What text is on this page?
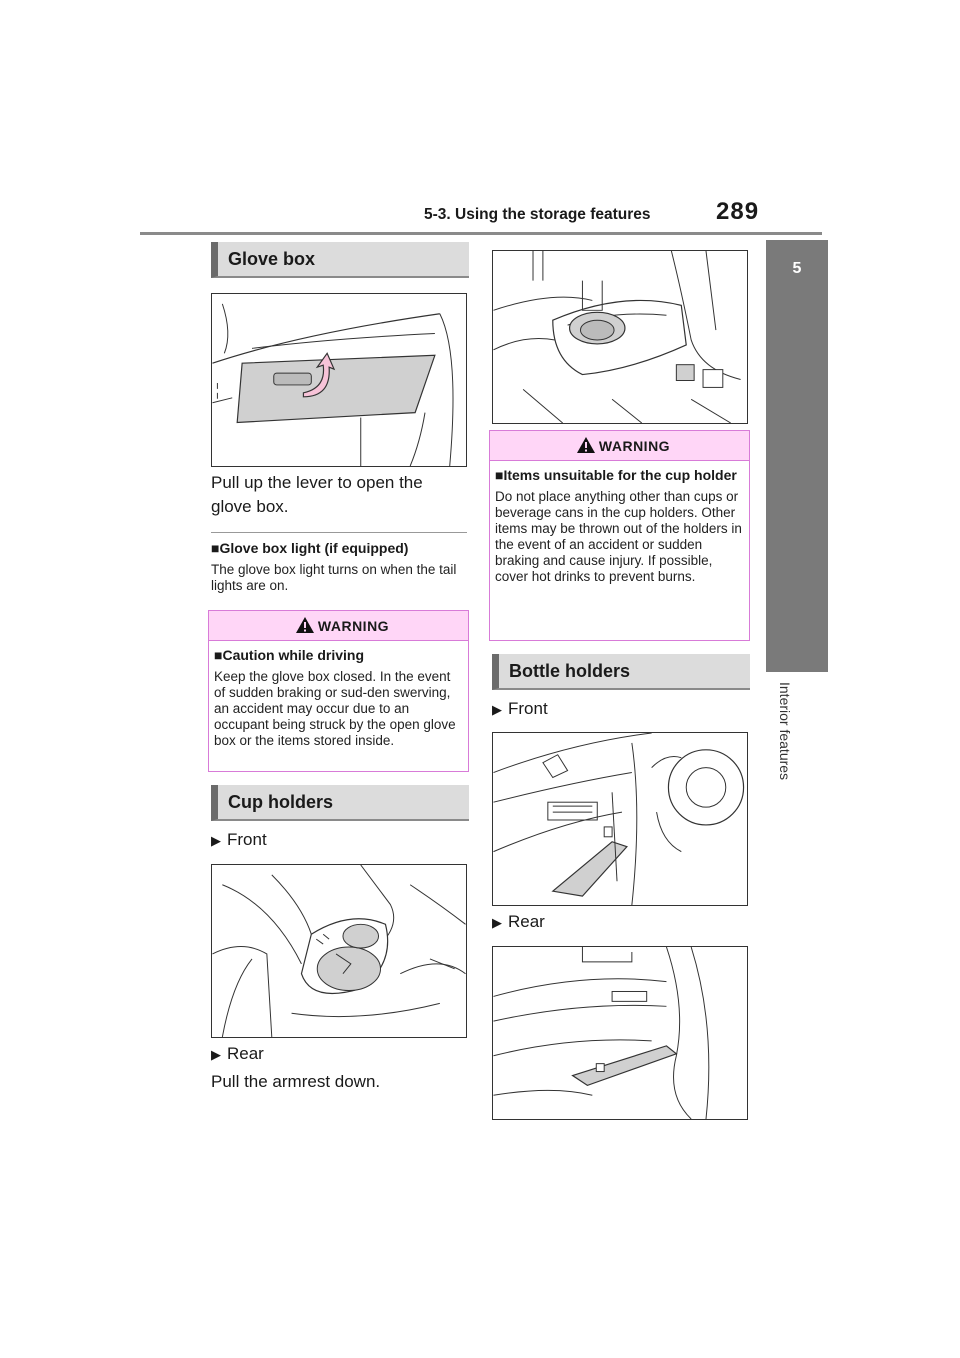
5-3. Using the storage features	289
5
Interior features
Glove box
Pull up the lever to open the glove box.
■Glove box light (if equipped)
The glove box light turns on when the tail lights are on.
WARNING
■Caution while driving
Keep the glove box closed. In the event of sudden braking or sud-den swerving, an accident may occur due to an occupant being struck by the open glove box or the items stored inside.
Cup holders
▶ Front
▶ Rear
Pull the armrest down.
WARNING
■Items unsuitable for the cup holder
Do not place anything other than cups or beverage cans in the cup holders. Other items may be thrown out of the holders in the event of an accident or sudden braking and cause injury. If possible, cover hot drinks to prevent burns.
Bottle holders
▶ Front
▶ Rear
